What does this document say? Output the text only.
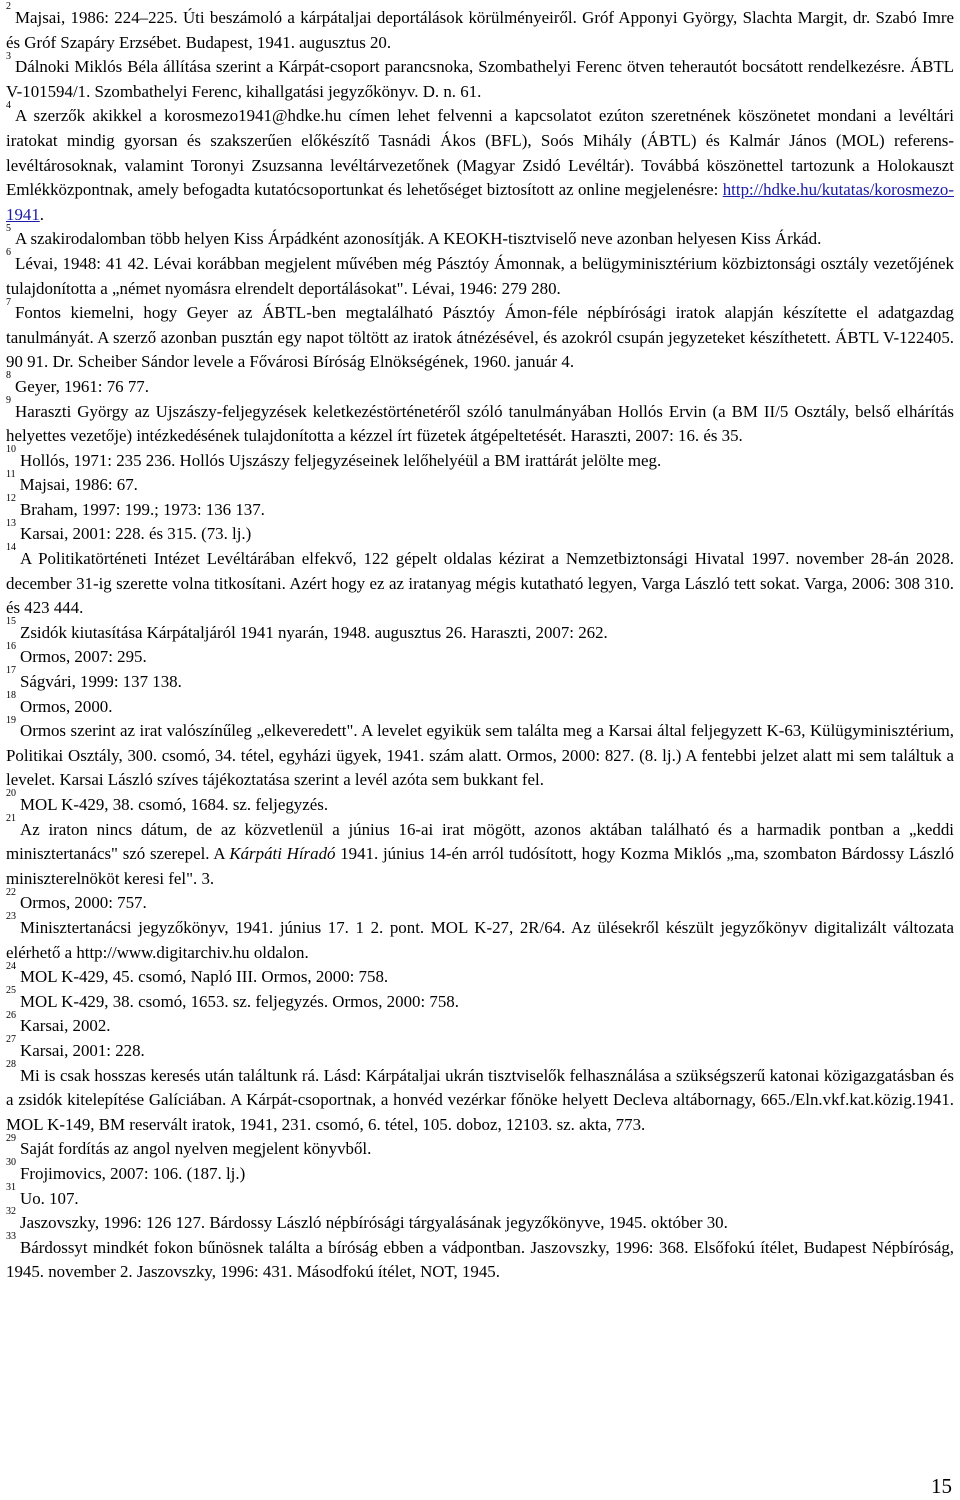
$^2$Majsai, 1986: 224–225. Úti beszámoló a kárpátaljai deportálások körülményeiről. Gróf Apponyi György, Slachta Margit, dr. Szabó Imre és Gróf Szapáry Erzsébet. Budapest, 1941. augusztus 20.

$^3$Dálnoki Miklós Béla állítása szerint a Kárpát-csoport parancsnoka, Szombathelyi Ferenc ötven teherautót bocsátott rendelkezésre. ÁBTL V-101594/1. Szombathelyi Ferenc, kihallgatási jegyzőkönyv. D. n. 61.

$^4$A szerzők akikkel a korosmezo1941@hdke.hu címen lehet felvenni a kapcsolatot ezúton szeretnének köszönetet mondani a levéltári iratokat mindig gyorsan és szakszerűen előkészítő Tasnádi Ákos (BFL), Soós Mihály (ÁBTL) és Kalmár János (MOL) referens-levéltárosoknak, valamint Toronyi Zsuzsanna levéltárvezetőnek (Magyar Zsidó Levéltár). Továbbá köszönettel tartozunk a Holokauszt Emlékközpontnak, amely befogadta kutatócsoportunkat és lehetőséget biztosított az online megjelenésre: http://hdke.hu/kutatas/korosmezo-1941.

$^5$A szakirodalomban több helyen Kiss Árpádként azonosítják. A KEOKH-tisztviselő neve azonban helyesen Kiss Árkád.

$^6$Lévai, 1948: 41 42. Lévai korábban megjelent művében még Pásztóy Ámonnak, a belügyminisztérium közbiztonsági osztály vezetőjének tulajdonította a „német nyomásra elrendelt deportálásokat". Lévai, 1946: 279 280.

$^7$Fontos kiemelni, hogy Geyer az ÁBTL-ben megtalálható Pásztóy Ámon-féle népbírósági iratok alapján készítette el adatgazdag tanulmányát. A szerző azonban pusztán egy napot töltött az iratok átnézésével, és azokról csupán jegyzeteket készíthetett. ÁBTL V-122405. 90 91. Dr. Scheiber Sándor levele a Fővárosi Bíróság Elnökségének, 1960. január 4.

$^8$Geyer, 1961: 76 77.

$^9$Haraszti György az Ujszászy-feljegyzések keletkezéstörténetéről szóló tanulmányában Hollós Ervin (a BM II/5 Osztály, belső elhárítás helyettes vezetője) intézkedésének tulajdonította a kézzel írt füzetek átgépeltetését. Haraszti, 2007: 16. és 35.

$^{10}$Hollós, 1971: 235 236. Hollós Ujszászy feljegyzéseinek lelőhelyéül a BM irattárát jelölte meg.

$^{11}$Majsai, 1986: 67.

$^{12}$Braham, 1997: 199.; 1973: 136 137.

$^{13}$Karsai, 2001: 228. és 315. (73. lj.)

$^{14}$A Politikatörténeti Intézet Levéltárában elfekvő, 122 gépelt oldalas kézirat a Nemzetbiztonsági Hivatal 1997. november 28-án 2028. december 31-ig szerette volna titkosítani. Azért hogy ez az iratanyag mégis kutatható legyen, Varga László tett sokat. Varga, 2006: 308 310. és 423 444.

$^{15}$Zsidók kiutasítása Kárpátaljáról 1941 nyarán, 1948. augusztus 26. Haraszti, 2007: 262.

$^{16}$Ormos, 2007: 295.

$^{17}$Ságvári, 1999: 137 138.

$^{18}$Ormos, 2000.

$^{19}$Ormos szerint az irat valószínűleg „elkeveredett". A levelet egyikük sem találta meg a Karsai által feljegyzett K-63, Külügyminisztérium, Politikai Osztály, 300. csomó, 34. tétel, egyházi ügyek, 1941. szám alatt. Ormos, 2000: 827. (8. lj.) A fentebbi jelzet alatt mi sem találtuk a levelet. Karsai László szíves tájékoztatása szerint a levél azóta sem bukkant fel.

$^{20}$MOL K-429, 38. csomó, 1684. sz. feljegyzés.

$^{21}$Az iraton nincs dátum, de az közvetlenül a június 16-ai irat mögött, azonos aktában található és a harmadik pontban a „keddi minisztertanács" szó szerepel. A Kárpáti Híradó 1941. június 14-én arról tudósított, hogy Kozma Miklós „ma, szombaton Bárdossy László miniszterelnököt keresi fel". 3.

$^{22}$Ormos, 2000: 757.

$^{23}$Minisztertanácsi jegyzőkönyv, 1941. június 17. 1 2. pont. MOL K-27, 2R/64. Az ülésekről készült jegyzőkönyv digitalizált változata elérhető a http://www.digitarchiv.hu oldalon.

$^{24}$MOL K-429, 45. csomó, Napló III. Ormos, 2000: 758.

$^{25}$MOL K-429, 38. csomó, 1653. sz. feljegyzés. Ormos, 2000: 758.

$^{26}$Karsai, 2002.

$^{27}$Karsai, 2001: 228.

$^{28}$Mi is csak hosszas keresés után találtunk rá. Lásd: Kárpátaljai ukrán tisztviselők felhasználása a szükségszerű katonai közigazgatásban és a zsidók kitelepítése Galíciában. A Kárpát-csoportnak, a honvéd vezérkar főnöke helyett Decleva altábornagy, 665./Eln.vkf.kat.közig.1941. MOL K-149, BM reservált iratok, 1941, 231. csomó, 6. tétel, 105. doboz, 12103. sz. akta, 773.

$^{29}$Saját fordítás az angol nyelven megjelent könyvből.

$^{30}$Frojimovics, 2007: 106. (187. lj.)

$^{31}$Uo. 107.

$^{32}$Jaszovszky, 1996: 126 127. Bárdossy László népbírósági tárgyalásának jegyzőkönyve, 1945. október 30.

$^{33}$Bárdossyt mindkét fokon bűnösnek találta a bíróság ebben a vádpontban. Jaszovszky, 1996: 368. Elsőfokú ítélet, Budapest Népbíróság, 1945. november 2. Jaszovszky, 1996: 431. Másodfokú ítélet, NOT, 1945.

15
